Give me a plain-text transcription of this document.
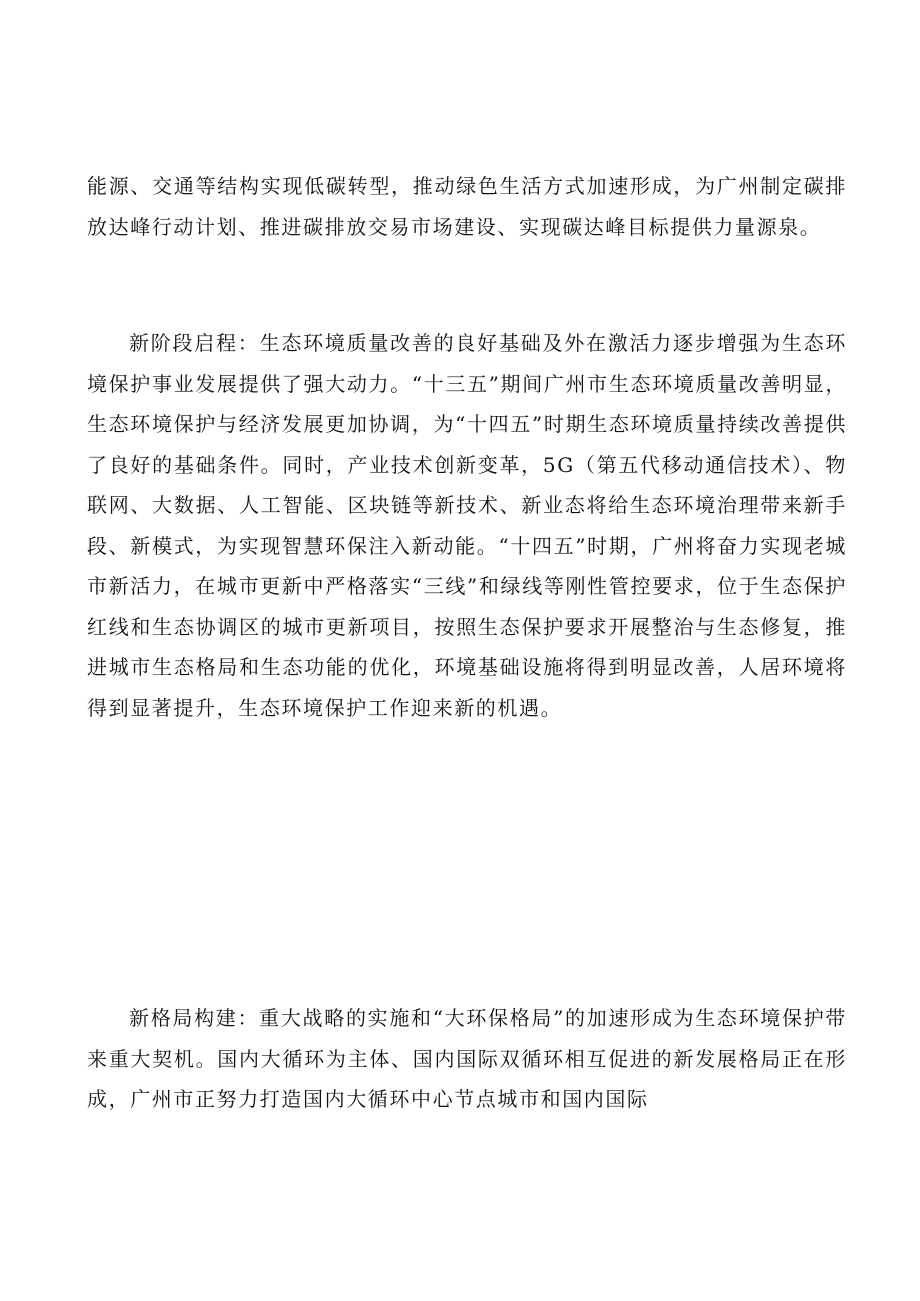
能源、交通等结构实现低碳转型，推动绿色生活方式加速形成，为广州制定碳排放达峰行动计划、推进碳排放交易市场建设、实现碳达峰目标提供力量源泉。

新阶段启程：生态环境质量改善的良好基础及外在激活力逐步增强为生态环境保护事业发展提供了强大动力。“十三五”期间广州市生态环境质量改善明显，生态环境保护与经济发展更加协调，为“十四五”时期生态环境质量持续改善提供了良好的基础条件。同时，产业技术创新变革，5G（第五代移动通信技术）、物联网、大数据、人工智能、区块链等新技术、新业态将给生态环境治理带来新手段、新模式，为实现智慧环保注入新动能。“十四五”时期，广州将奋力实现老城市新活力，在城市更新中严格落实“三线”和绿线等刚性管控要求，位于生态保护红线和生态协调区的城市更新项目，按照生态保护要求开展整治与生态修复，推进城市生态格局和生态功能的优化，环境基础设施将得到明显改善，人居环境将得到显著提升，生态环境保护工作迎来新的机遇。

新格局构建：重大战略的实施和“大环保格局”的加速形成为生态环境保护带来重大契机。国内大循环为主体、国内国际双循环相互促进的新发展格局正在形成，广州市正努力打造国内大循环中心节点城市和国内国际
